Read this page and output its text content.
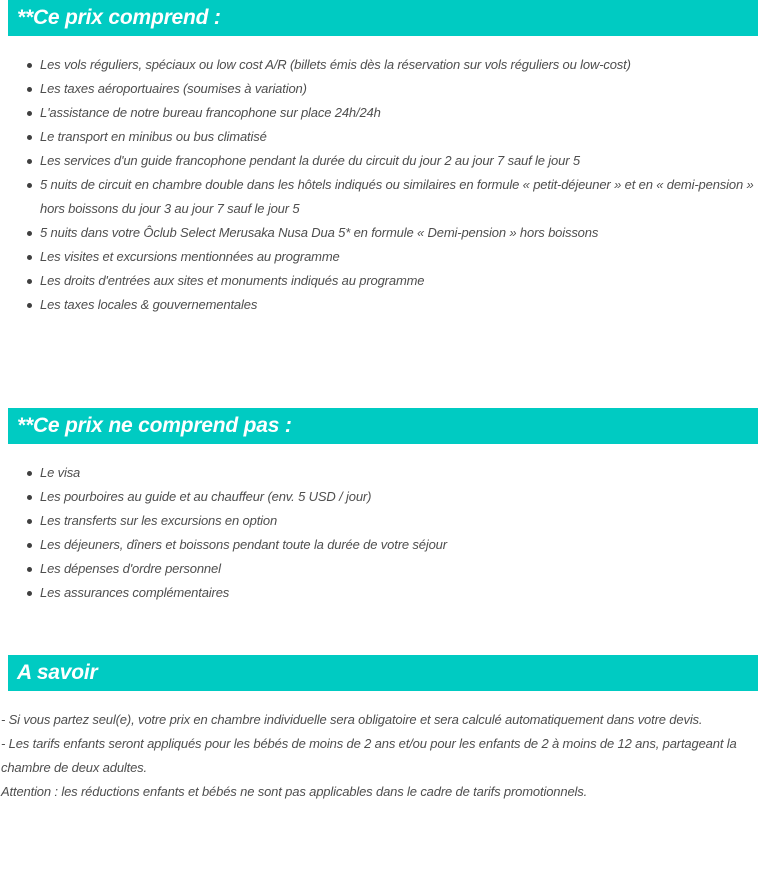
**Ce prix comprend :
Les vols réguliers, spéciaux ou low cost A/R (billets émis dès la réservation sur vols réguliers ou low-cost)
Les taxes aéroportuaires (soumises à variation)
L'assistance de notre bureau francophone sur place 24h/24h
Le transport en minibus ou bus climatisé
Les services d'un guide francophone pendant la durée du circuit du jour 2 au jour 7 sauf le jour 5
5 nuits de circuit en chambre double dans les hôtels indiqués ou similaires en formule « petit-déjeuner » et en « demi-pension » hors boissons du jour 3 au jour 7 sauf le jour 5
5 nuits dans votre Ôclub Select Merusaka Nusa Dua 5* en formule « Demi-pension » hors boissons
Les visites et excursions mentionnées au programme
Les droits d'entrées aux sites et monuments indiqués au programme
Les taxes locales & gouvernementales
**Ce prix ne comprend pas :
Le visa
Les pourboires au guide et au chauffeur (env. 5 USD / jour)
Les transferts sur les excursions en option
Les déjeuners, dîners et boissons pendant toute la durée de votre séjour
Les dépenses d'ordre personnel
Les assurances complémentaires
A savoir

- Si vous partez seul(e), votre prix en chambre individuelle sera obligatoire et sera calculé automatiquement dans votre devis.

- Les tarifs enfants seront appliqués pour les bébés de moins de 2 ans et/ou pour les enfants de 2 à moins de 12 ans, partageant la chambre de deux adultes.

Attention : les réductions enfants et bébés ne sont pas applicables dans le cadre de tarifs promotionnels.
